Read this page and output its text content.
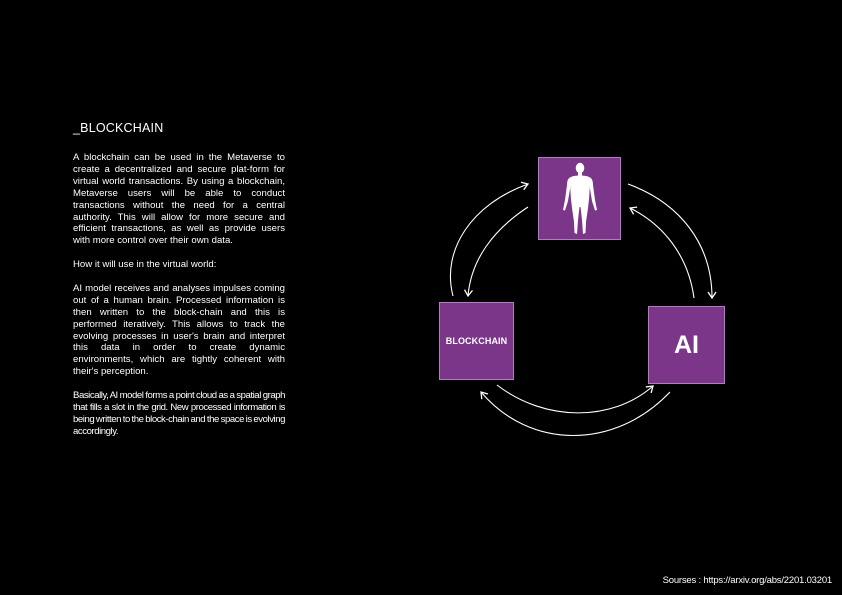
_BLOCKCHAIN

A blockchain can be used in the Metaverse to create a decentralized and secure plat-form for virtual world transactions. By using a blockchain, Metaverse users will be able to conduct transactions without the need for a central authority. This will allow for more secure and efficient transactions, as well as provide users with more control over their own data.

How it will use in the virtual world:

AI model receives and analyses impulses coming out of a human brain. Processed information is then written to the block-chain and this is performed iteratively. This allows to track the evolving processes in user's brain and interpret this data in order to create dynamic environments, which are tightly coherent with their's perception.

Basically, AI model forms a point cloud as a spatial graph that fills a slot in the grid. New processed information is being written to the block-chain and the space is evolving accordingly.

BLOCKCHAIN	AI
Sourses : https://arxiv.org/abs/2201.03201
